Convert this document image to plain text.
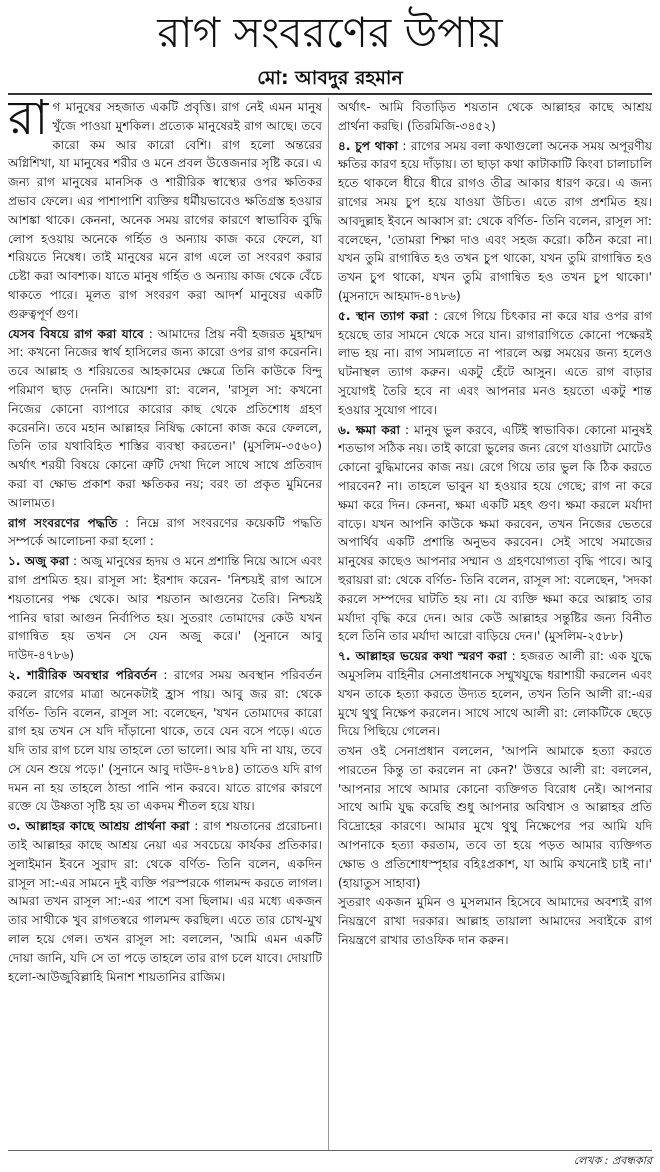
রাগ সংবরণের উপায়
মো: আবদুর রহমান

রাগ মানুষের সহজাত একটি প্রবৃত্তি। রাগ নেই এমন মানুষ খুঁজে পাওয়া মুশকিল। প্রত্যেক মানুষেরই রাগ আছে। তবে কারো কম আর কারো বেশি। রাগ হলো অন্তরের অগ্নিশিখা, যা মানুষের শরীর ও মনে প্রবল উত্তেজনার সৃষ্টি করে। এ জন্য রাগ মানুষের মানসিক ও শারীরিক স্বাস্থ্যের ওপর ক্ষতিকর প্রভাব ফেলে। এর পাশাপাশি ব্যক্তির ধর্মীয়ভাবেও ক্ষতিগ্রস্ত হওয়ার আশঙ্কা থাকে। কেননা, অনেক সময় রাগের কারণে স্বাভাবিক বুদ্ধি লোপ হওয়ায় অনেকে গর্হিত ও অন্যায় কাজ করে ফেলে, যা শরিয়তে নিষেধ। তাই মানুষের মনে রাগ এলে তা সংবরণ করার চেষ্টা করা আবশ্যক। যাতে মানুষ গর্হিত ও অন্যায় কাজ থেকে বেঁচে থাকতে পারে। মূলত রাগ সংবরণ করা আদর্শ মানুষের একটি গুরুত্বপূর্ণ গুণ।

যেসব বিষয়ে রাগ করা যাবে : আমাদের প্রিয় নবী হজরত মুহাম্মদ সা: কখনো নিজের স্বার্থ হাসিলের জন্য কারো ওপর রাগ করেননি। তবে আল্লাহ ও শরিয়তের আহকামের ক্ষেত্রে তিনি কাউকে বিন্দু পরিমাণ ছাড় দেননি। আয়েশা রা: বলেন, 'রাসূল সা: কখনো নিজের কোনো ব্যাপারে কারোর কাছ থেকে প্রতিশোধ গ্রহণ করেননি। তবে মহান আল্লাহর নিষিদ্ধ কোনো কাজ করে ফেললে, তিনি তার যথাবিহিত শাস্তির ব্যবস্থা করতেন।' (মুসলিম-৩৫৬০) অর্থাৎ শরয়ী বিষয়ে কোনো ত্রুটি দেখা দিলে সাথে সাথে প্রতিবাদ করা বা ক্ষোভ প্রকাশ করা ক্ষতিকর নয়; বরং তা প্রকৃত মুমিনের আলামত।

রাগ সংবরণের পদ্ধতি : নিম্নে রাগ সংবরণের কয়েকটি পদ্ধতি সম্পর্কে আলোচনা করা হলো :

১. অজু করা : অজু মানুষের হৃদয় ও মনে প্রশান্তি নিয়ে আসে এবং রাগ প্রশমিত হয়। রাসূল সা: ইরশাদ করেন- 'নিশ্চয়ই রাগ আসে শয়তানের পক্ষ থেকে। আর শয়তান আগুনের তৈরি। নিশ্চয়ই পানির দ্বারা আগুন নির্বাপিত হয়। সুতরাং তোমাদের কেউ যখন রাগান্বিত হয় তখন সে যেন অজু করে।' (সুনানে আবু দাউদ-৪৭৮৬)

২. শারীরিক অবস্থার পরিবর্তন : রাগের সময় অবস্থান পরিবর্তন করলে রাগের মাত্রা অনেকটাই হ্রাস পায়। আবু জর রা: থেকে বর্ণিত- তিনি বলেন, রাসূল সা: বলেছেন, 'যখন তোমাদের কারো রাগ হয় তখন সে যদি দাঁড়ানো থাকে, তবে যেন বসে পড়ে। এতে যদি তার রাগ চলে যায় তাহলে তো ভালো। আর যদি না যায়, তবে সে যেন শুয়ে পড়ে।' (সুনানে আবু দাউদ-৪৭৮৪) তাতেও যদি রাগ দমন না হয় তাহলে ঠান্ডা পানি পান করবে। যাতে রাগের কারণে রক্তে যে উষ্ণতা সৃষ্টি হয় তা একদম শীতল হয়ে যায়।

৩. আল্লাহর কাছে আশ্রয় প্রার্থনা করা : রাগ শয়তানের প্ররোচনা। তাই আল্লাহর কাছে আশ্রয় নেয়া এর সবচেয়ে কার্যকর প্রতিকার। সুলাইমান ইবনে সুরাদ রা: থেকে বর্ণিত- তিনি বলেন, একদিন রাসূল সা:-এর সামনে দুই ব্যক্তি পরস্পরকে গালমন্দ করতে লাগল। আমরা তখন রাসূল সা:-এর পাশে বসা ছিলাম। এর মধ্যে একজন তার সাথীকে খুব রাগতস্বরে গালমন্দ করছিল। এতে তার চোখ-মুখ লাল হয়ে গেল। তখন রাসূল সা: বললেন, 'আমি এমন একটি দোয়া জানি, যদি সে তা পড়ে তাহলে তার রাগ চলে যাবে। দোয়াটি হলো-আউজুবিল্লাহি মিনাশ শায়তানির রাজিম।

অর্থাৎ- আমি বিতাড়িত শয়তান থেকে আল্লাহর কাছে আশ্রয় প্রার্থনা করছি। (তিরমিজি-৩৪৫২)

৪. চুপ থাকা : রাগের সময় বলা কথাগুলো অনেক সময় অপূরণীয় ক্ষতির কারণ হয়ে দাঁড়ায়। তা ছাড়া কথা কাটাকাটি কিংবা চালাচালি হতে থাকলে ধীরে ধীরে রাগও তীব্র আকার ধারণ করে। এ জন্য রাগের সময় চুপ হয়ে যাওয়া উচিত। এতে রাগ প্রশমিত হয়। আবদুল্লাহ ইবনে আব্বাস রা: থেকে বর্ণিত- তিনি বলেন, রাসূল সা: বলেছেন, 'তোমরা শিক্ষা দাও এবং সহজ করো। কঠিন করো না। যখন তুমি রাগান্বিত হও তখন চুপ থাকো, যখন তুমি রাগান্বিত হও তখন চুপ থাকো, যখন তুমি রাগান্বিত হও তখন চুপ থাকো।' (মুসনাদে আহমাদ-৪৭৮৬)

৫. স্থান ত্যাগ করা : রেগে গিয়ে চিৎকার না করে যার ওপর রাগ হয়েছে তার সামনে থেকে সরে যান। রাগারাগিতে কোনো পক্ষেরই লাভ হয় না। রাগ সামলাতে না পারলে অল্প সময়ের জন্য হলেও ঘটনাস্থল ত্যাগ করুন। একটু হেঁটে আসুন। এতে রাগ বাড়ার সুযোগই তৈরি হবে না এবং আপনার মনও হয়তো একটু শান্ত হওয়ার সুযোগ পাবে।

৬. ক্ষমা করা : মানুষ ভুল করবে, এটিই স্বাভাবিক। কোনো মানুষই শতভাগ সঠিক নয়। তাই কারো ভুলের জন্য রেগে যাওয়াটা মোটেও কোনো বুদ্ধিমানের কাজ নয়। রেগে গিয়ে তার ভুল কি ঠিক করতে পারবেন? না। তাহলে ভাবুন যা হওয়ার হয়ে গেছে; রাগ না করে ক্ষমা করে দিন। কেননা, ক্ষমা একটি মহৎ গুণ। ক্ষমা করলে মর্যাদা বাড়ে। যখন আপনি কাউকে ক্ষমা করবেন, তখন নিজের ভেতরে অপার্থিব একটি প্রশান্তি অনুভব করবেন। সেই সাথে সমাজের মানুষের কাছেও আপনার সম্মান ও গ্রহণযোগ্যতা বৃদ্ধি পাবে। আবু হুরায়রা রা: থেকে বর্ণিত- তিনি বলেন, রাসূল সা: বলেছেন, 'সদকা করলে সম্পদের ঘাটতি হয় না। যে ব্যক্তি ক্ষমা করে আল্লাহ তার মর্যাদা বৃদ্ধি করে দেন। আর কেউ আল্লাহর সন্তুষ্টির জন্য বিনীত হলে তিনি তার মর্যাদা আরো বাড়িয়ে দেন।' (মুসলিম-২৫৮৮)

৭. আল্লাহর ভয়ের কথা স্মরণ করা : হজরত আলী রা: এক যুদ্ধে অমুসলিম বাহিনীর সেনাপ্রধানকে সম্মুখযুদ্ধে ধরাশায়ী করলেন এবং যখন তাকে হত্যা করতে উদ্যত হলেন, তখন তিনি আলী রা:-এর মুখে থুথু নিক্ষেপ করলেন। সাথে সাথে আলী রা: লোকটিকে ছেড়ে দিয়ে পিছিয়ে গেলেন।

তখন ওই সেনাপ্রধান বললেন, 'আপনি আমাকে হত্যা করতে পারতেন কিন্তু তা করলেন না কেন?' উত্তরে আলী রা: বললেন, 'আপনার সাথে আমার কোনো ব্যক্তিগত বিরোধ নেই। আপনার সাথে আমি যুদ্ধ করেছি শুধু আপনার অবিশ্বাস ও আল্লাহর প্রতি বিদ্রোহের কারণে। আমার মুখে থুথু নিক্ষেপের পর আমি যদি আপনাকে হত্যা করতাম, তবে তা হয়ে পড়ত আমার ব্যক্তিগত ক্ষোভ ও প্রতিশোধস্পৃহার বহিঃপ্রকাশ, যা আমি কখনোই চাই না।' (হায়াতুস সাহাবা)

সুতরাং একজন মুমিন ও মুসলমান হিসেবে আমাদের অবশ্যই রাগ নিয়ন্ত্রণে রাখা দরকার। আল্লাহ তায়ালা আমাদের সবাইকে রাগ নিয়ন্ত্রণে রাখার তাওফিক দান করুন।

লেখক : প্রবন্ধকার
